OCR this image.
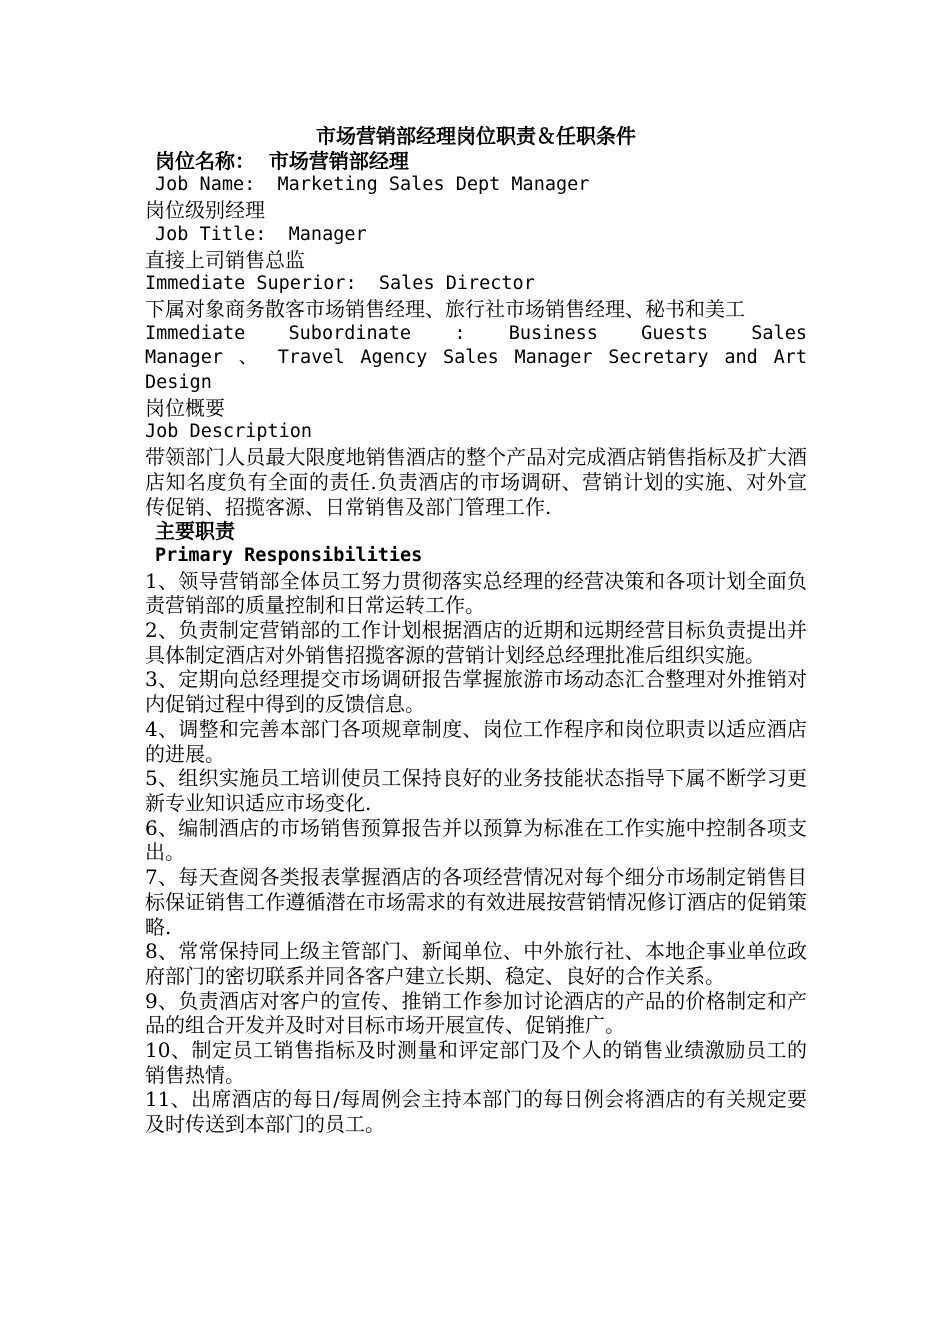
市场营销部经理岗位职责＆任职条件
岗位名称：  市场营销部经理
Job Name:  Marketing Sales Dept Manager
岗位级别经理
Job Title:  Manager
直接上司销售总监
Immediate Superior:  Sales Director
下属对象商务散客市场销售经理、旅行社市场销售经理、秘书和美工
Immediate Subordinate : Business Guests Sales
Manager 、 Travel Agency Sales Manager Secretary and Art
Design
岗位概要
Job Description
带领部门人员最大限度地销售酒店的整个产品对完成酒店销售指标及扩大酒店知名度负有全面的责任.负责酒店的市场调研、营销计划的实施、对外宣传促销、招揽客源、日常销售及部门管理工作.
主要职责
Primary Responsibilities
1、领导营销部全体员工努力贯彻落实总经理的经营决策和各项计划全面负责营销部的质量控制和日常运转工作。
2、负责制定营销部的工作计划根据酒店的近期和远期经营目标负责提出并具体制定酒店对外销售招揽客源的营销计划经总经理批准后组织实施。
3、定期向总经理提交市场调研报告掌握旅游市场动态汇合整理对外推销对内促销过程中得到的反馈信息。
4、调整和完善本部门各项规章制度、岗位工作程序和岗位职责以适应酒店的进展。
5、组织实施员工培训使员工保持良好的业务技能状态指导下属不断学习更新专业知识适应市场变化.
6、编制酒店的市场销售预算报告并以预算为标准在工作实施中控制各项支出。
7、每天查阅各类报表掌握酒店的各项经营情况对每个细分市场制定销售目标保证销售工作遵循潜在市场需求的有效进展按营销情况修订酒店的促销策略.
8、常常保持同上级主管部门、新闻单位、中外旅行社、本地企事业单位政府部门的密切联系并同各客户建立长期、稳定、良好的合作关系。
9、负责酒店对客户的宣传、推销工作参加讨论酒店的产品的价格制定和产品的组合开发并及时对目标市场开展宣传、促销推广。
10、制定员工销售指标及时测量和评定部门及个人的销售业绩激励员工的销售热情。
11、出席酒店的每日/每周例会主持本部门的每日例会将酒店的有关规定要及时传送到本部门的员工。
